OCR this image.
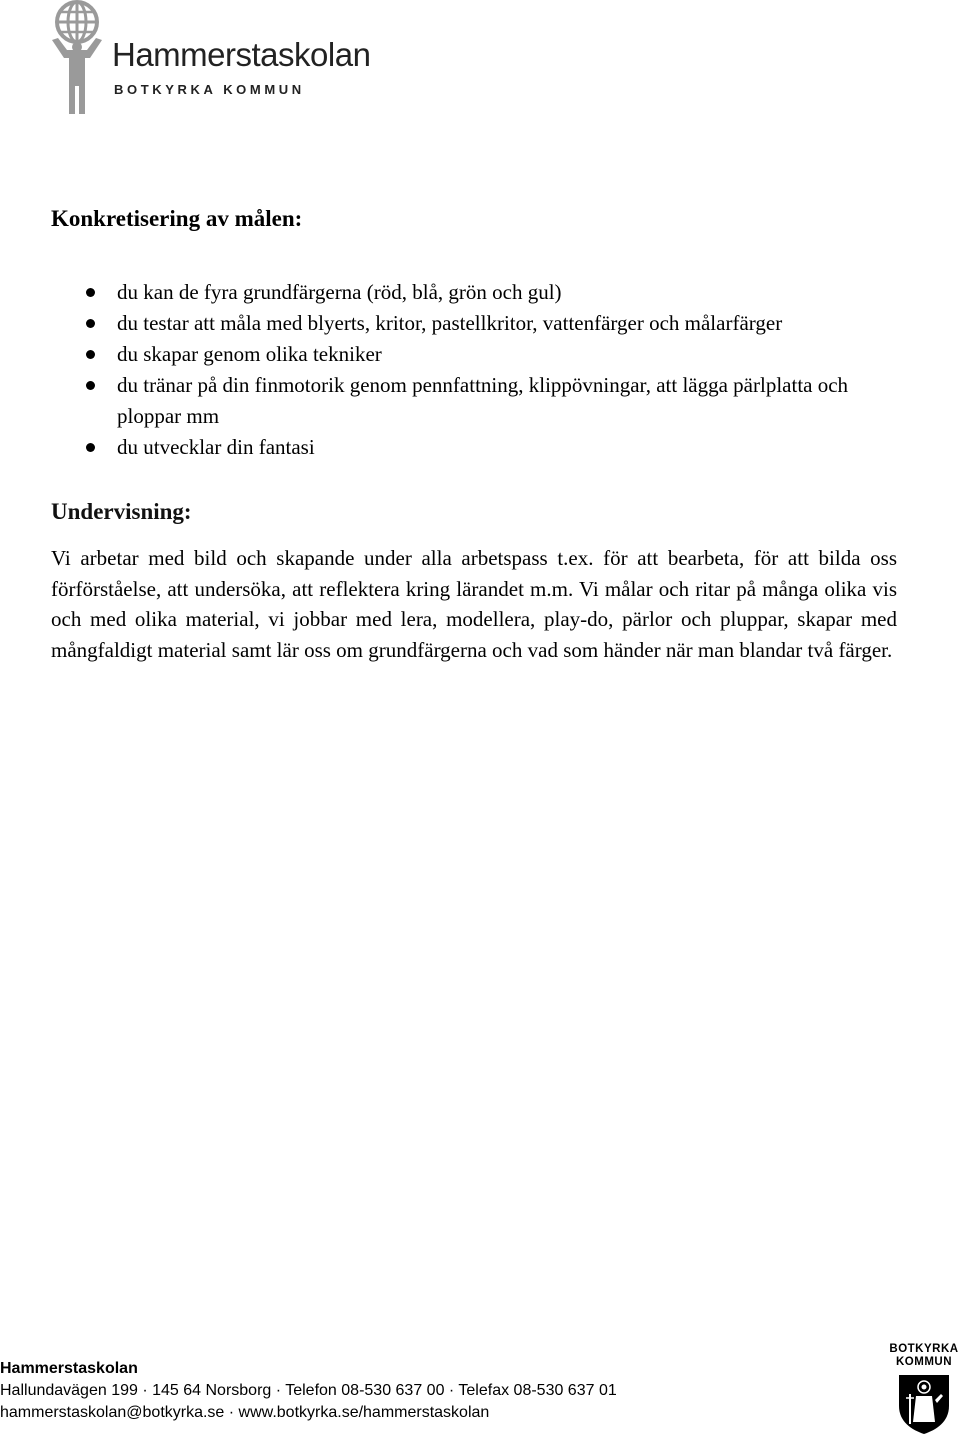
Hammerstaskolan
BOTKYRKA KOMMUN
Konkretisering av målen:
du kan de fyra grundfärgerna (röd, blå, grön och gul)
du testar att måla med blyerts, kritor, pastellkritor, vattenfärger och målarfärger
du skapar genom olika tekniker
du tränar på din finmotorik genom pennfattning, klippövningar, att lägga pärlplatta och ploppar mm
du utvecklar din fantasi
Undervisning:

Vi arbetar med bild och skapande under alla arbetspass t.ex. för att bearbeta, för att bilda oss förförståelse, att undersöka, att reflektera kring lärandet m.m. Vi målar och ritar på många olika vis och med olika material, vi jobbar med lera, modellera, play-do, pärlor och pluppar, skapar med mångfaldigt material samt lär oss om grundfärgerna och vad som händer när man blandar två färger.

Hammerstaskolan
Hallundavägen 199 · 145 64 Norsborg · Telefon 08-530 637 00 · Telefax 08-530 637 01
hammerstaskolan@botkyrka.se · www.botkyrka.se/hammerstaskolan
BOTKYRKA
KOMMUN
